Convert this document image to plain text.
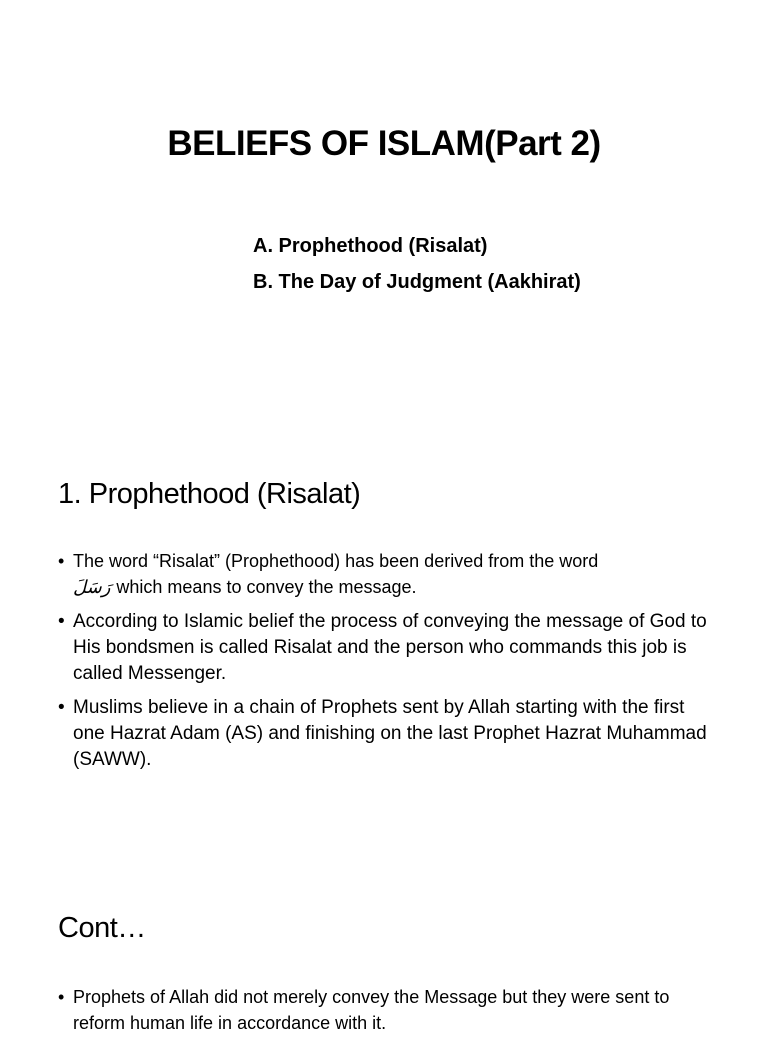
BELIEFS OF ISLAM(Part 2)
A. Prophethood (Risalat)
B. The Day of Judgment (Aakhirat)
1. Prophethood (Risalat)
• The word “Risalat” (Prophethood) has been derived from the word
رَسَلَ which means to convey the message.
• According to Islamic belief the process of conveying the message of God to His bondsmen is called Risalat and the person who commands this job is called Messenger.
• Muslims believe in a chain of Prophets sent by Allah starting with the first one Hazrat Adam (AS) and finishing on the last Prophet Hazrat Muhammad (SAWW).
Cont…
• Prophets of Allah did not merely convey the Message but they were sent to reform human life in accordance with it.
